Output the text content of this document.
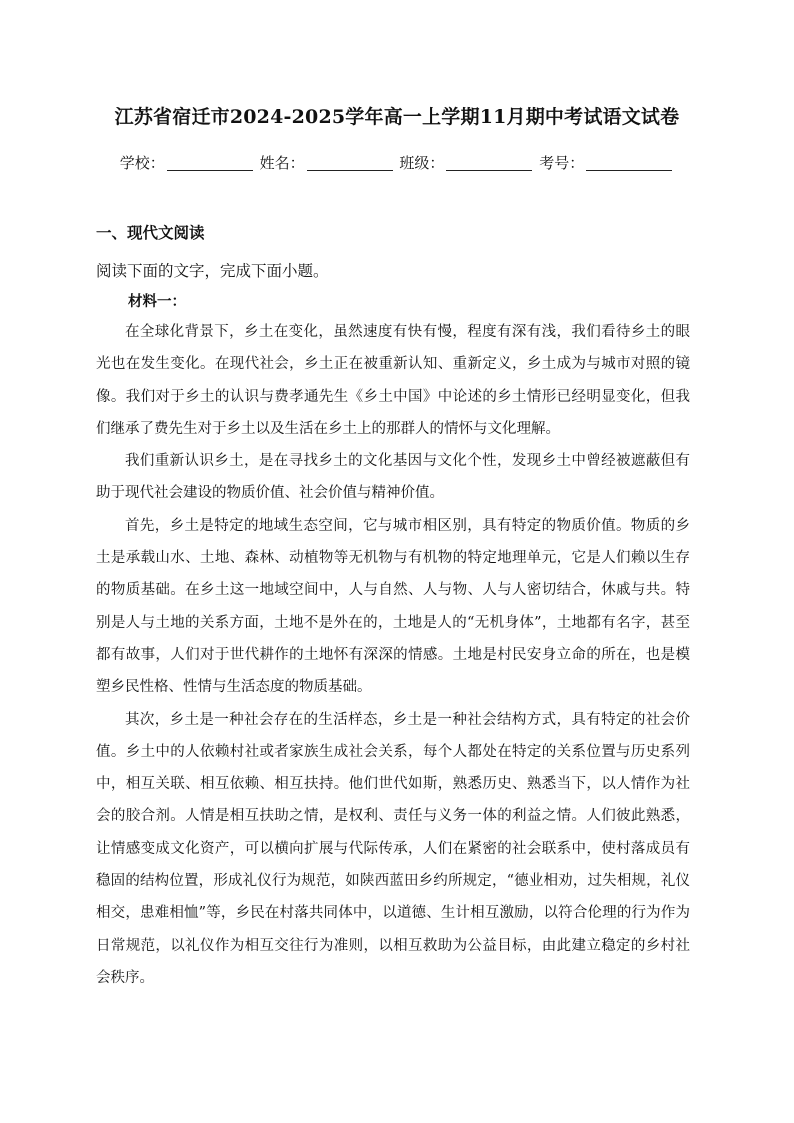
江苏省宿迁市2024-2025学年高一上学期11月期中考试语文试卷
学校：	姓名：	班级：	考号：
一、现代文阅读
阅读下面的文字，完成下面小题。
材料一：

在全球化背景下，乡土在变化，虽然速度有快有慢，程度有深有浅，我们看待乡土的眼光也在发生变化。在现代社会，乡土正在被重新认知、重新定义，乡土成为与城市对照的镜像。我们对于乡土的认识与费孝通先生《乡土中国》中论述的乡土情形已经明显变化，但我们继承了费先生对于乡土以及生活在乡土上的那群人的情怀与文化理解。

我们重新认识乡土，是在寻找乡土的文化基因与文化个性，发现乡土中曾经被遮蔽但有助于现代社会建设的物质价值、社会价值与精神价值。

首先，乡土是特定的地域生态空间，它与城市相区别，具有特定的物质价值。物质的乡土是承载山水、土地、森林、动植物等无机物与有机物的特定地理单元，它是人们赖以生存的物质基础。在乡土这一地域空间中，人与自然、人与物、人与人密切结合，休戚与共。特别是人与土地的关系方面，土地不是外在的，土地是人的“无机身体”，土地都有名字，甚至都有故事，人们对于世代耕作的土地怀有深深的情感。土地是村民安身立命的所在，也是模塑乡民性格、性情与生活态度的物质基础。

其次，乡土是一种社会存在的生活样态，乡土是一种社会结构方式，具有特定的社会价值。乡土中的人依赖村社或者家族生成社会关系，每个人都处在特定的关系位置与历史系列中，相互关联、相互依赖、相互扶持。他们世代如斯，熟悉历史、熟悉当下，以人情作为社会的胶合剂。人情是相互扶助之情，是权利、责任与义务一体的利益之情。人们彼此熟悉，让情感变成文化资产，可以横向扩展与代际传承，人们在紧密的社会联系中，使村落成员有稳固的结构位置，形成礼仪行为规范，如陕西蓝田乡约所规定，“德业相劝，过失相规，礼仪相交，患难相恤”等，乡民在村落共同体中，以道德、生计相互激励，以符合伦理的行为作为日常规范，以礼仪作为相互交往行为准则，以相互救助为公益目标，由此建立稳定的乡村社会秩序。
